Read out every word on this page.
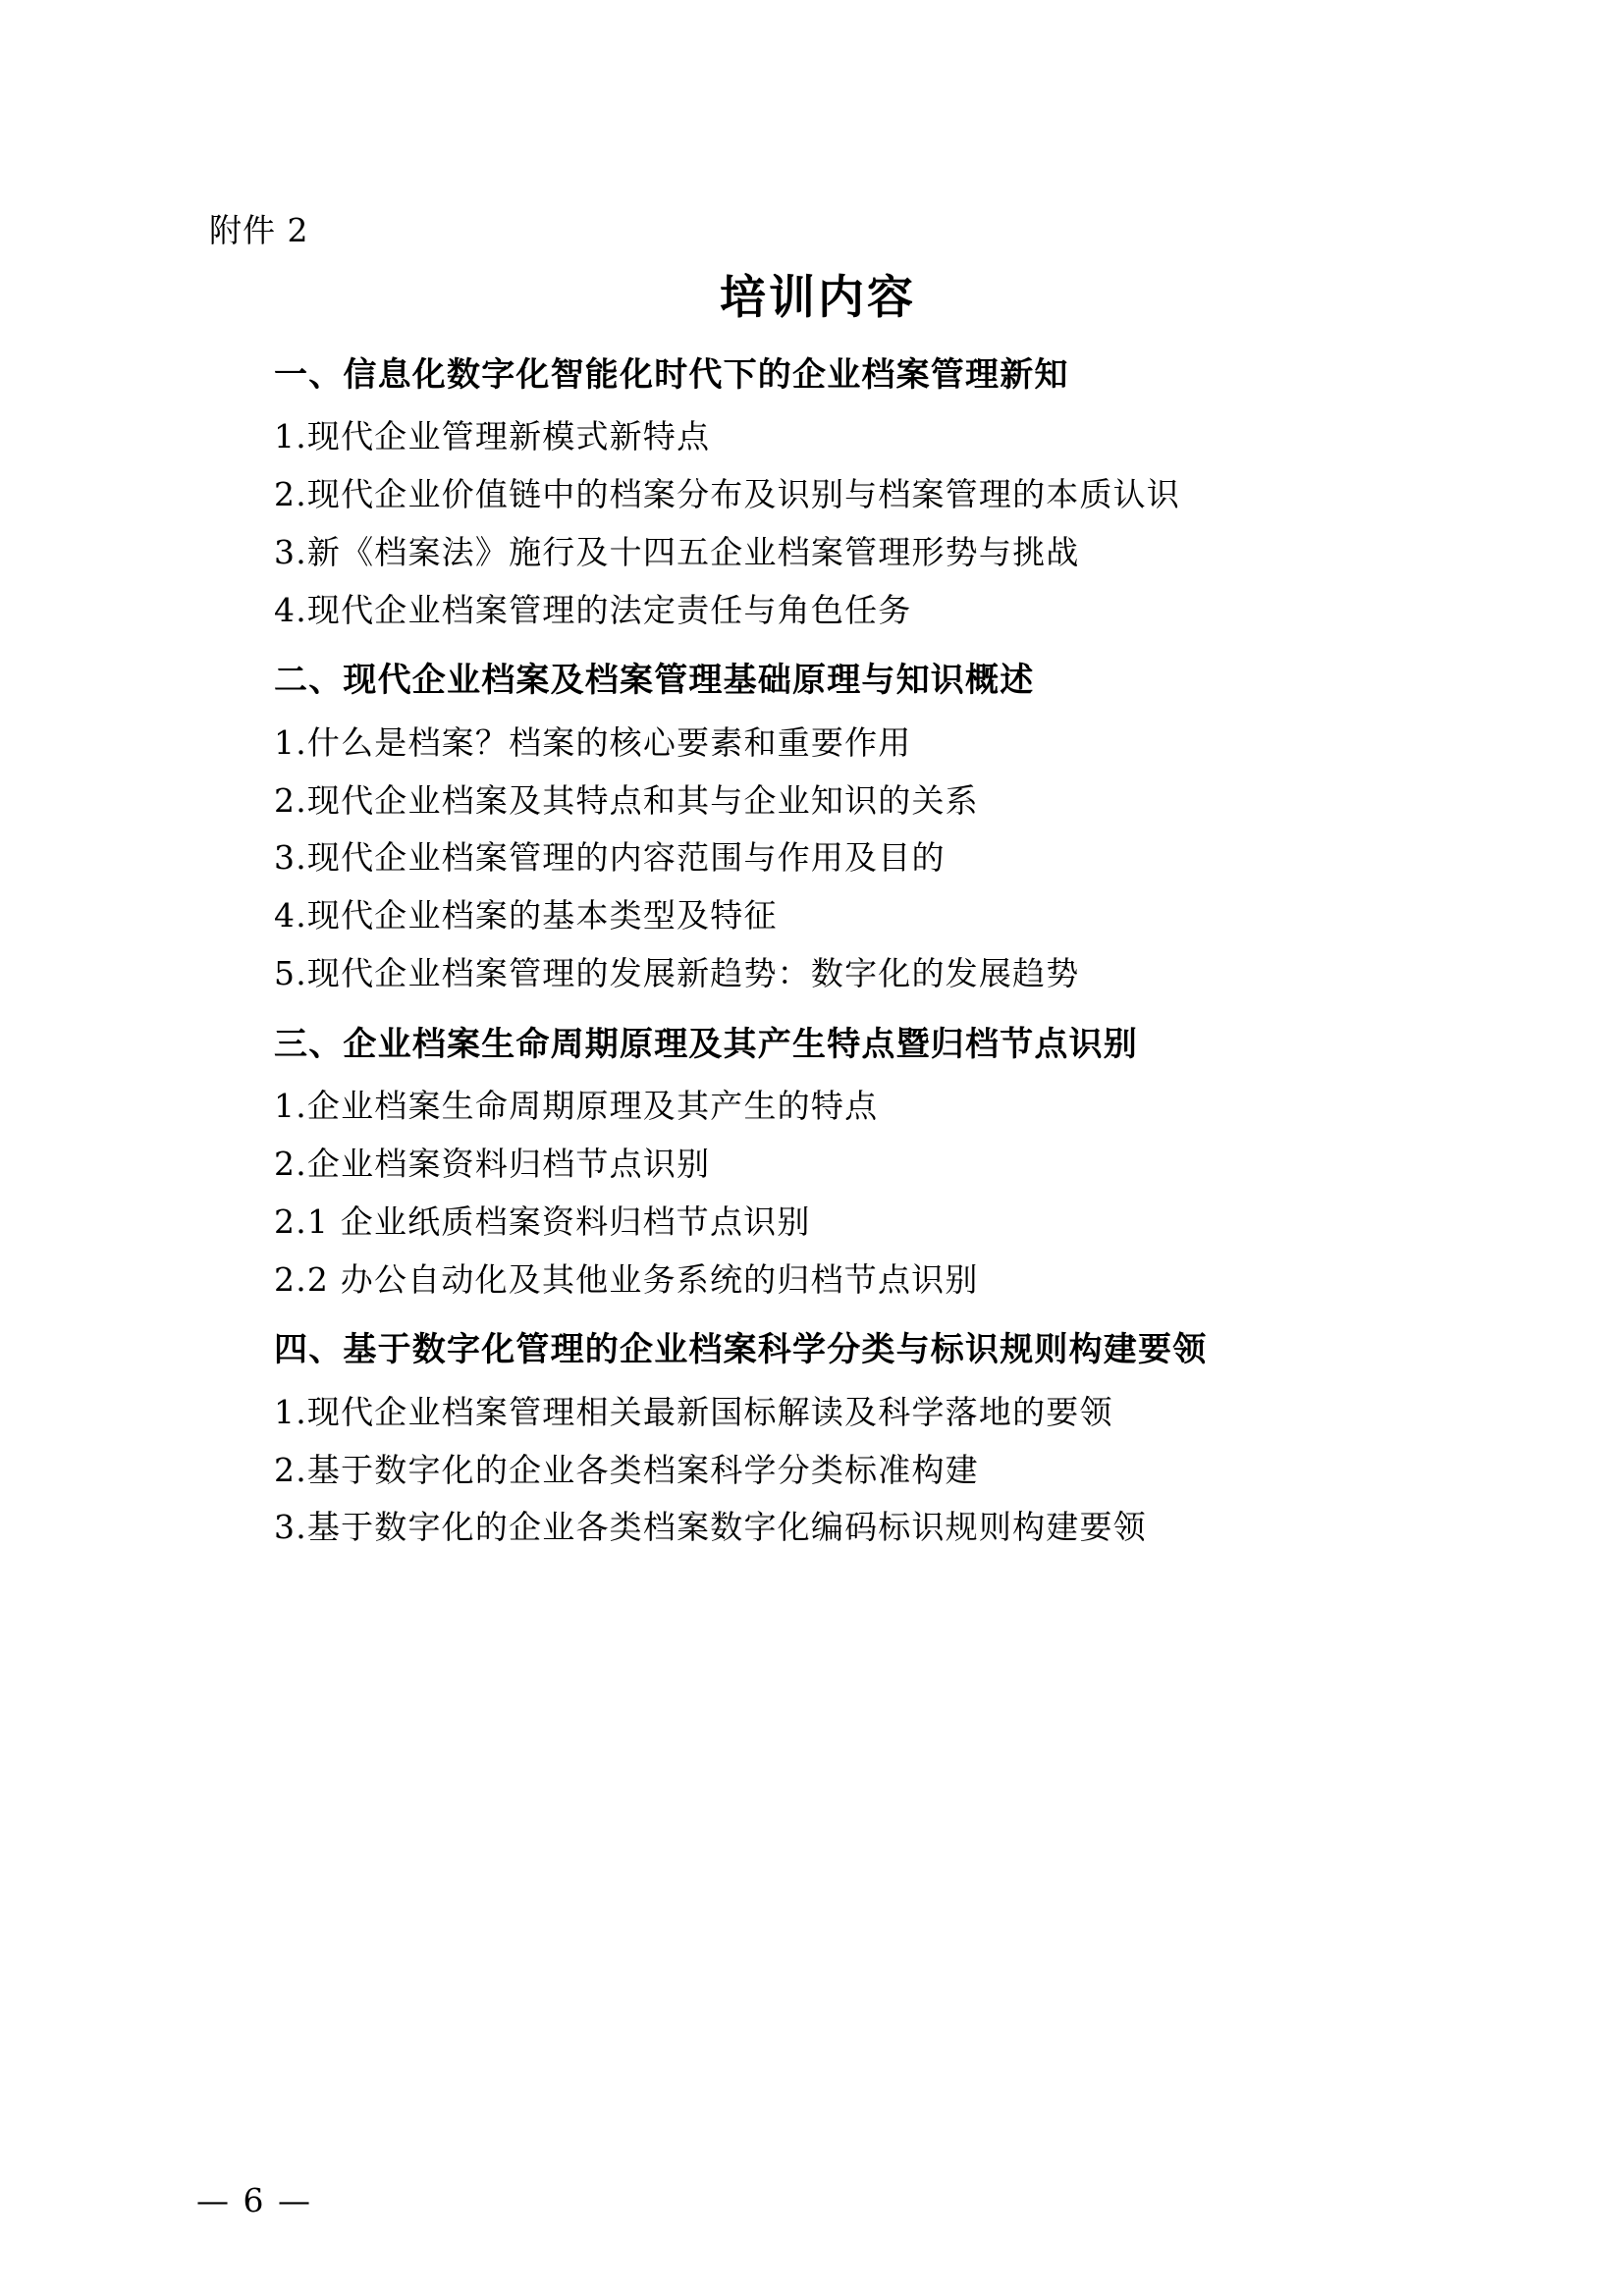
附件 2
培训内容
一、信息化数字化智能化时代下的企业档案管理新知

1.现代企业管理新模式新特点

2.现代企业价值链中的档案分布及识别与档案管理的本质认识

3.新《档案法》施行及十四五企业档案管理形势与挑战

4.现代企业档案管理的法定责任与角色任务

二、现代企业档案及档案管理基础原理与知识概述

1.什么是档案？档案的核心要素和重要作用

2.现代企业档案及其特点和其与企业知识的关系

3.现代企业档案管理的内容范围与作用及目的

4.现代企业档案的基本类型及特征

5.现代企业档案管理的发展新趋势：数字化的发展趋势

三、企业档案生命周期原理及其产生特点暨归档节点识别

1.企业档案生命周期原理及其产生的特点

2.企业档案资料归档节点识别

2.1 企业纸质档案资料归档节点识别

2.2 办公自动化及其他业务系统的归档节点识别

四、基于数字化管理的企业档案科学分类与标识规则构建要领

1.现代企业档案管理相关最新国标解读及科学落地的要领

2.基于数字化的企业各类档案科学分类标准构建

3.基于数字化的企业各类档案数字化编码标识规则构建要领

— 6 —
